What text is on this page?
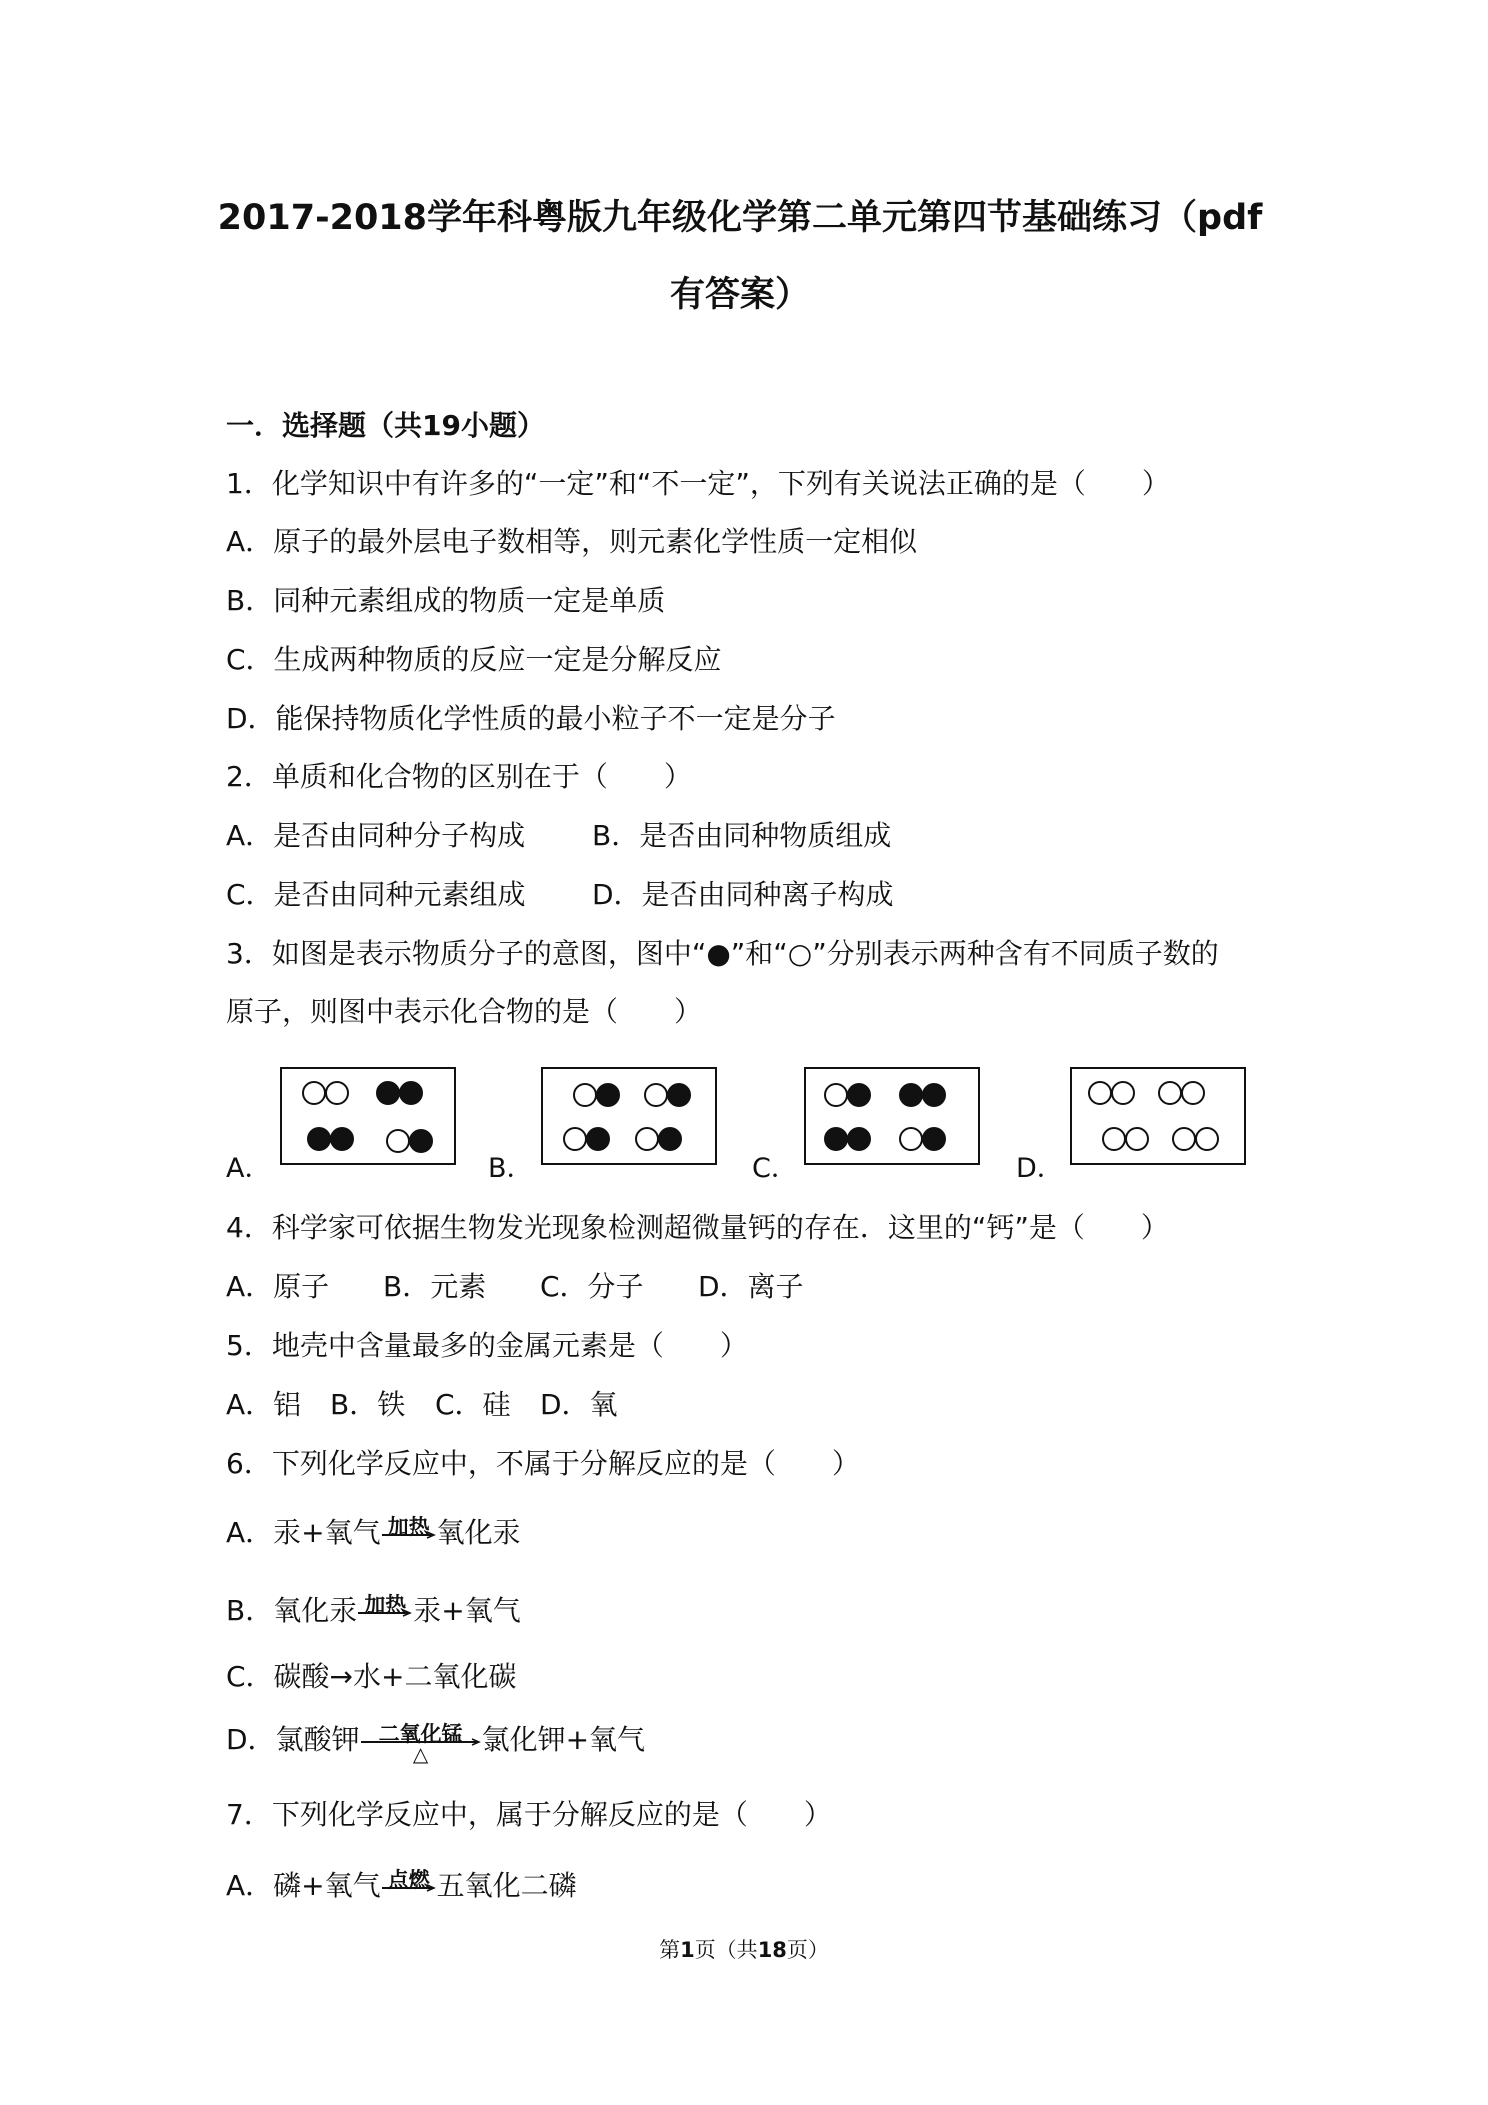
2017-2018学年科粤版九年级化学第二单元第四节基础练习（pdf
有答案）
一．选择题（共19小题）
1．化学知识中有许多的“一定”和“不一定”，下列有关说法正确的是（　　）
A．原子的最外层电子数相等，则元素化学性质一定相似
B．同种元素组成的物质一定是单质
C．生成两种物质的反应一定是分解反应
D．能保持物质化学性质的最小粒子不一定是分子
2．单质和化合物的区别在于（　　）
A．是否由同种分子构成 B．是否由同种物质组成
C．是否由同种元素组成 D．是否由同种离子构成
3．如图是表示物质分子的意图，图中“●”和“○”分别表示两种含有不同质子数的
原子，则图中表示化合物的是（　　）
A．	B．	C．	D．
4．科学家可依据生物发光现象检测超微量钙的存在．这里的“钙”是（　　）
A．原子 B．元素 C．分子 D．离子
5．地壳中含量最多的金属元素是（　　）
A．铝 B．铁 C．硅 D．氧
6．下列化学反应中，不属于分解反应的是（　　）
A．汞+氧气 加热 氧化汞
B．氧化汞 加热 汞+氧气
C．碳酸→水+二氧化碳
D．氯酸钾 二氧化锰
△	氯化钾+氧气
7．下列化学反应中，属于分解反应的是（　　）
A．磷+氧气 点燃 五氧化二磷
第1页（共18页）
